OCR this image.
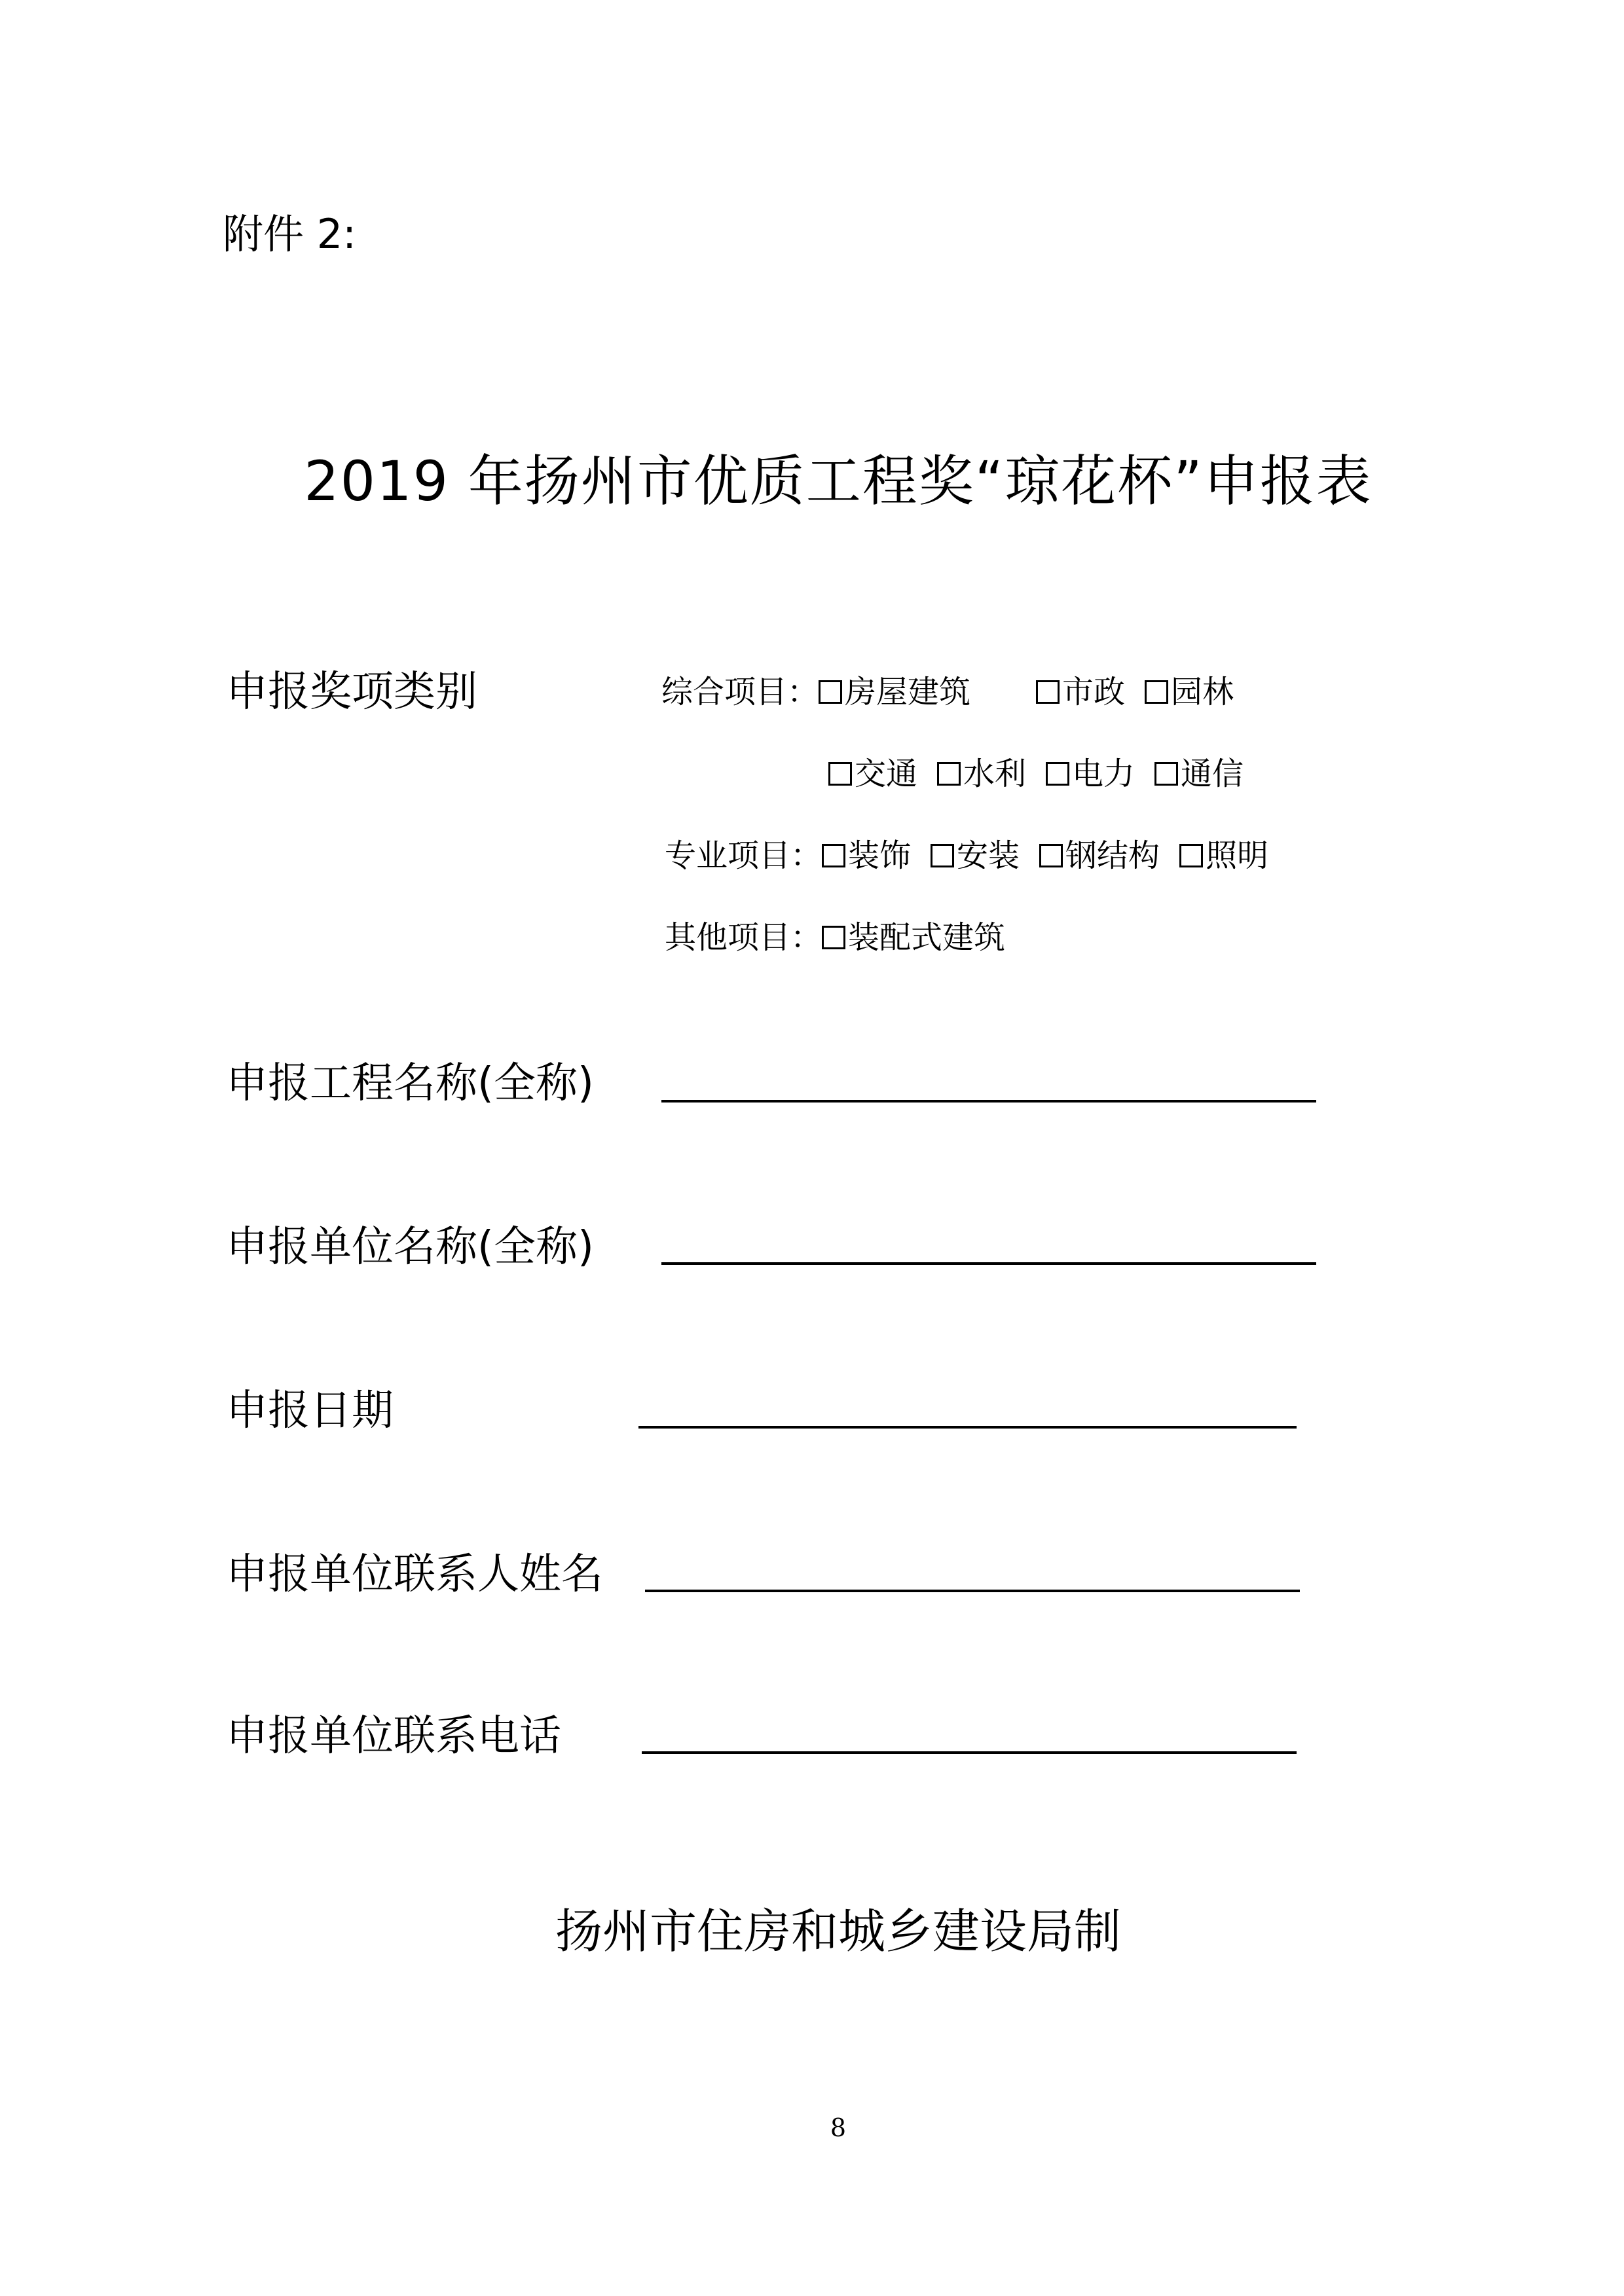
附件 2:
2019 年扬州市优质工程奖“琼花杯”申报表
申报奖项类别	综合项目： 房屋建筑	市政 园林
交通 水利 电力 通信
专业项目： 装饰 安装 钢结构 照明
其他项目： 装配式建筑
申报工程名称(全称)
申报单位名称(全称)
申报日期
申报单位联系人姓名
申报单位联系电话
扬州市住房和城乡建设局制
8
